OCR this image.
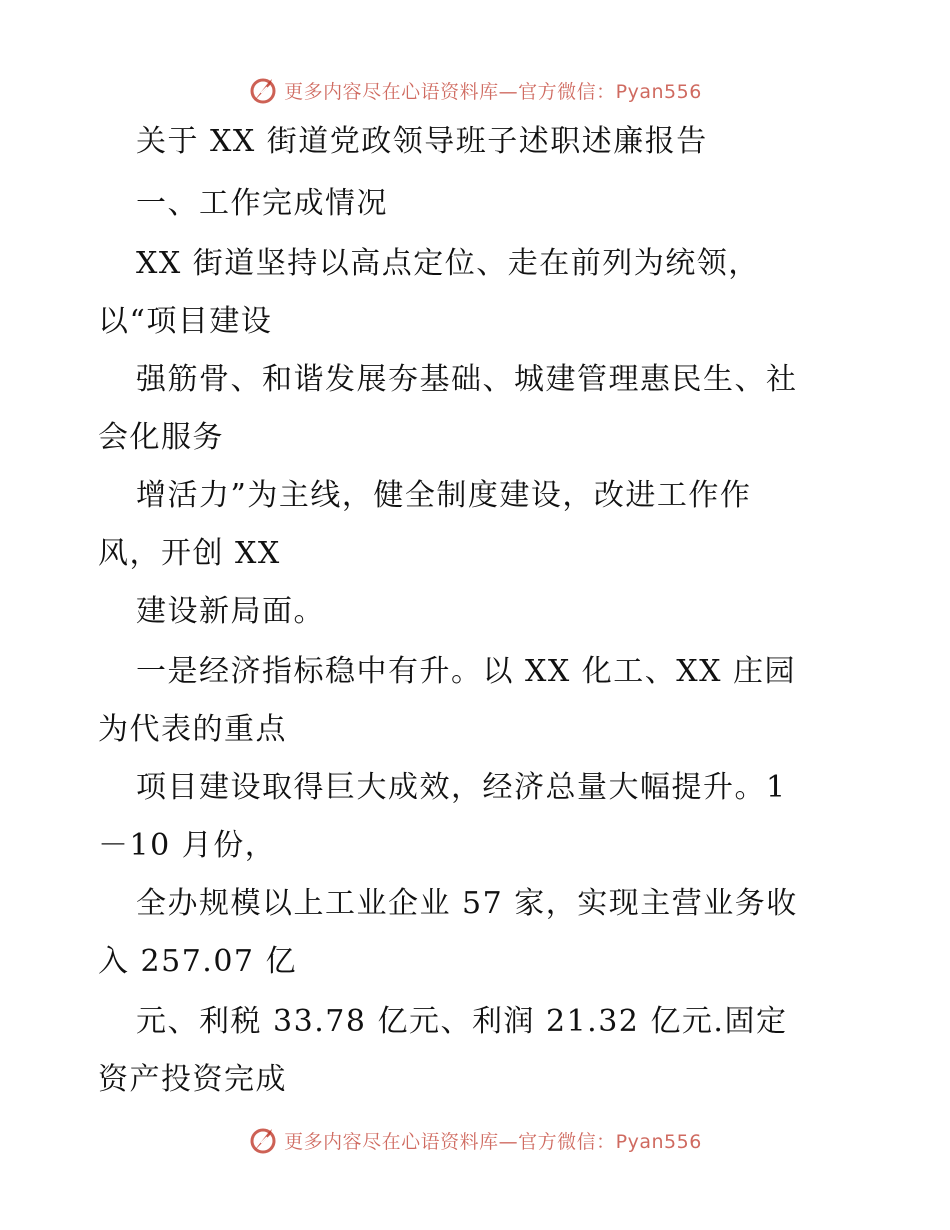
更多内容尽在心语资料库—官方微信：Pyan556
关于 XX 街道党政领导班子述职述廉报告
一、工作完成情况
XX 街道坚持以高点定位、走在前列为统领，
以“项目建设
强筋骨、和谐发展夯基础、城建管理惠民生、社
会化服务
增活力”为主线，健全制度建设，改进工作作
风，开创 XX
建设新局面。
一是经济指标稳中有升。以 XX 化工、XX 庄园
为代表的重点
项目建设取得巨大成效，经济总量大幅提升。1
－10 月份，
全办规模以上工业企业 57 家，实现主营业务收
入 257.07 亿
元、利税 33.78 亿元、利润 21.32 亿元.固定
资产投资完成
更多内容尽在心语资料库—官方微信：Pyan556
